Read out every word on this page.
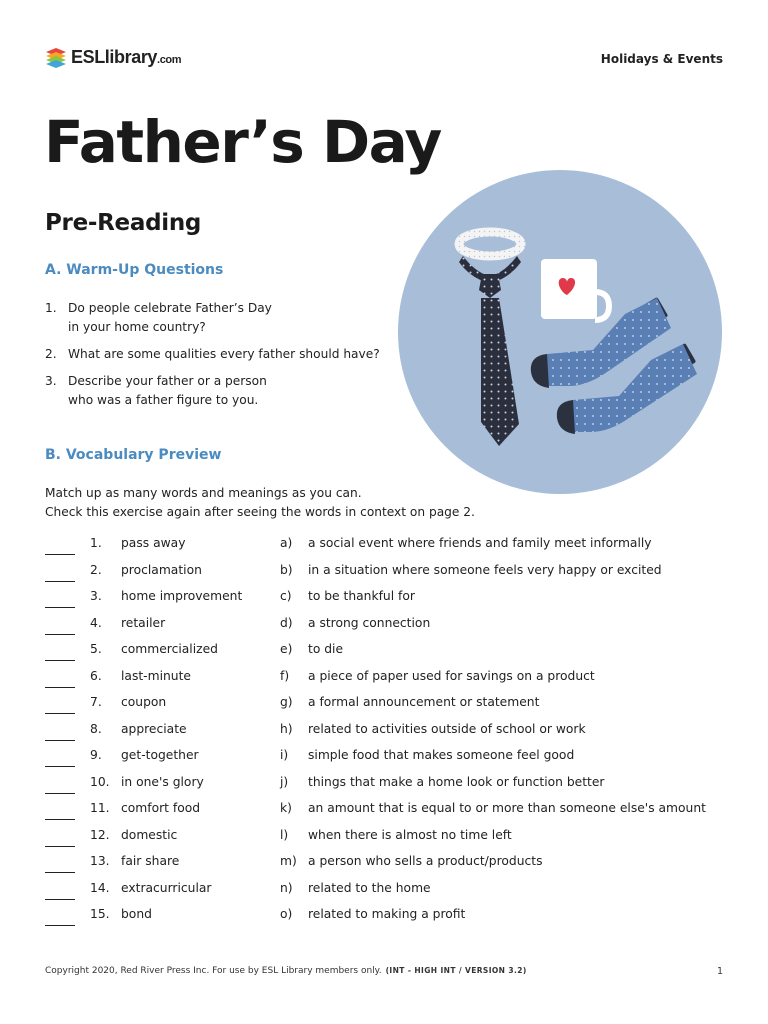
ESLlibrary.com	Holidays & Events
Father’s Day
Pre-Reading
A. Warm-Up Questions
1. Do people celebrate Father’s Day
in your home country?
2. What are some qualities every father should have?
3. Describe your father or a person
who was a father figure to you.
B. Vocabulary Preview
Match up as many words and meanings as you can.
Check this exercise again after seeing the words in context on page 2.
1. pass away	a) a social event where friends and family meet informally
2. proclamation	b) in a situation where someone feels very happy or excited
3. home improvement	c) to be thankful for
4. retailer	d) a strong connection
5. commercialized	e) to die
6. last-minute	f) a piece of paper used for savings on a product
7. coupon	g) a formal announcement or statement
8. appreciate	h) related to activities outside of school or work
9. get-together	i) simple food that makes someone feel good
10. in one's glory	j) things that make a home look or function better
11. comfort food	k) an amount that is equal to or more than someone else's amount
12. domestic	l) when there is almost no time left
13. fair share	m) a person who sells a product/products
14. extracurricular	n) related to the home
15. bond	o) related to making a profit
Copyright 2020, Red River Press Inc. For use by ESL Library members only. (INT - HIGH INT / VERSION 3.2)	1
